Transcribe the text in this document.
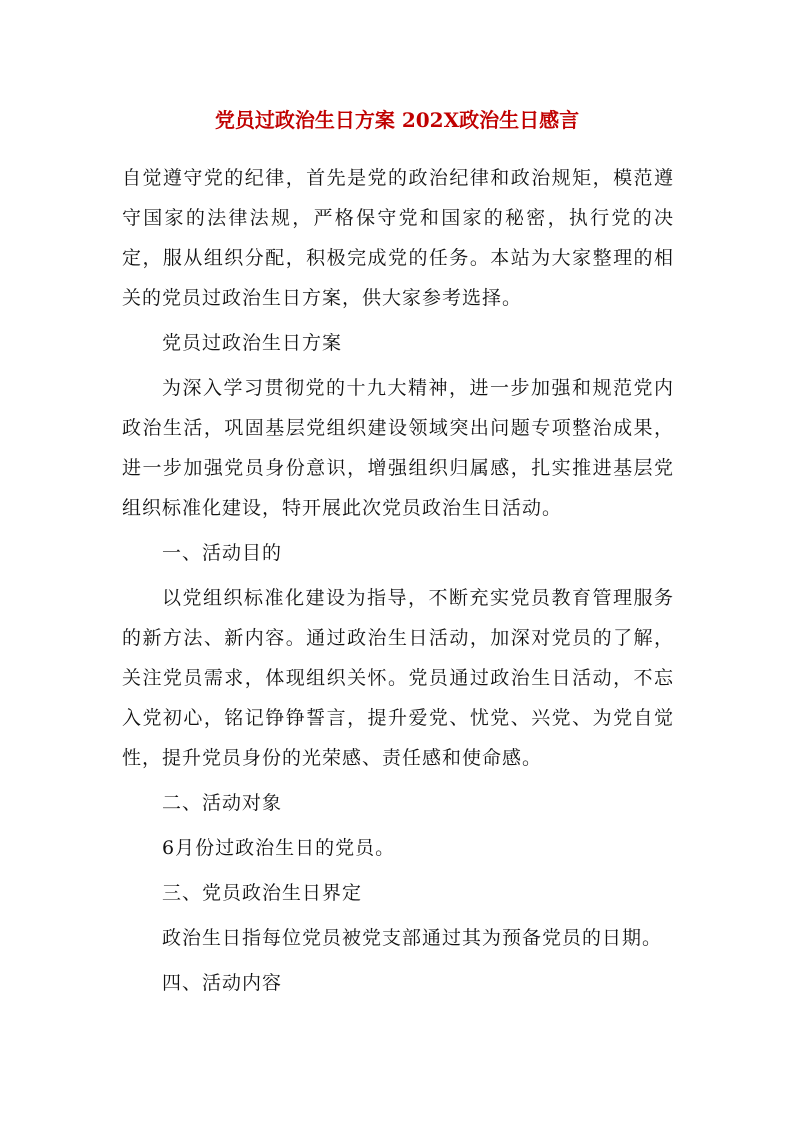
党员过政治生日方案 202X政治生日感言

自觉遵守党的纪律，首先是党的政治纪律和政治规矩，模范遵守国家的法律法规，严格保守党和国家的秘密，执行党的决定，服从组织分配，积极完成党的任务。本站为大家整理的相关的党员过政治生日方案，供大家参考选择。

党员过政治生日方案

为深入学习贯彻党的十九大精神，进一步加强和规范党内政治生活，巩固基层党组织建设领域突出问题专项整治成果，进一步加强党员身份意识，增强组织归属感，扎实推进基层党组织标准化建设，特开展此次党员政治生日活动。

一、活动目的

以党组织标准化建设为指导，不断充实党员教育管理服务的新方法、新内容。通过政治生日活动，加深对党员的了解，关注党员需求，体现组织关怀。党员通过政治生日活动，不忘入党初心，铭记铮铮誓言，提升爱党、忧党、兴党、为党自觉性，提升党员身份的光荣感、责任感和使命感。

二、活动对象

6月份过政治生日的党员。

三、党员政治生日界定

政治生日指每位党员被党支部通过其为预备党员的日期。

四、活动内容
